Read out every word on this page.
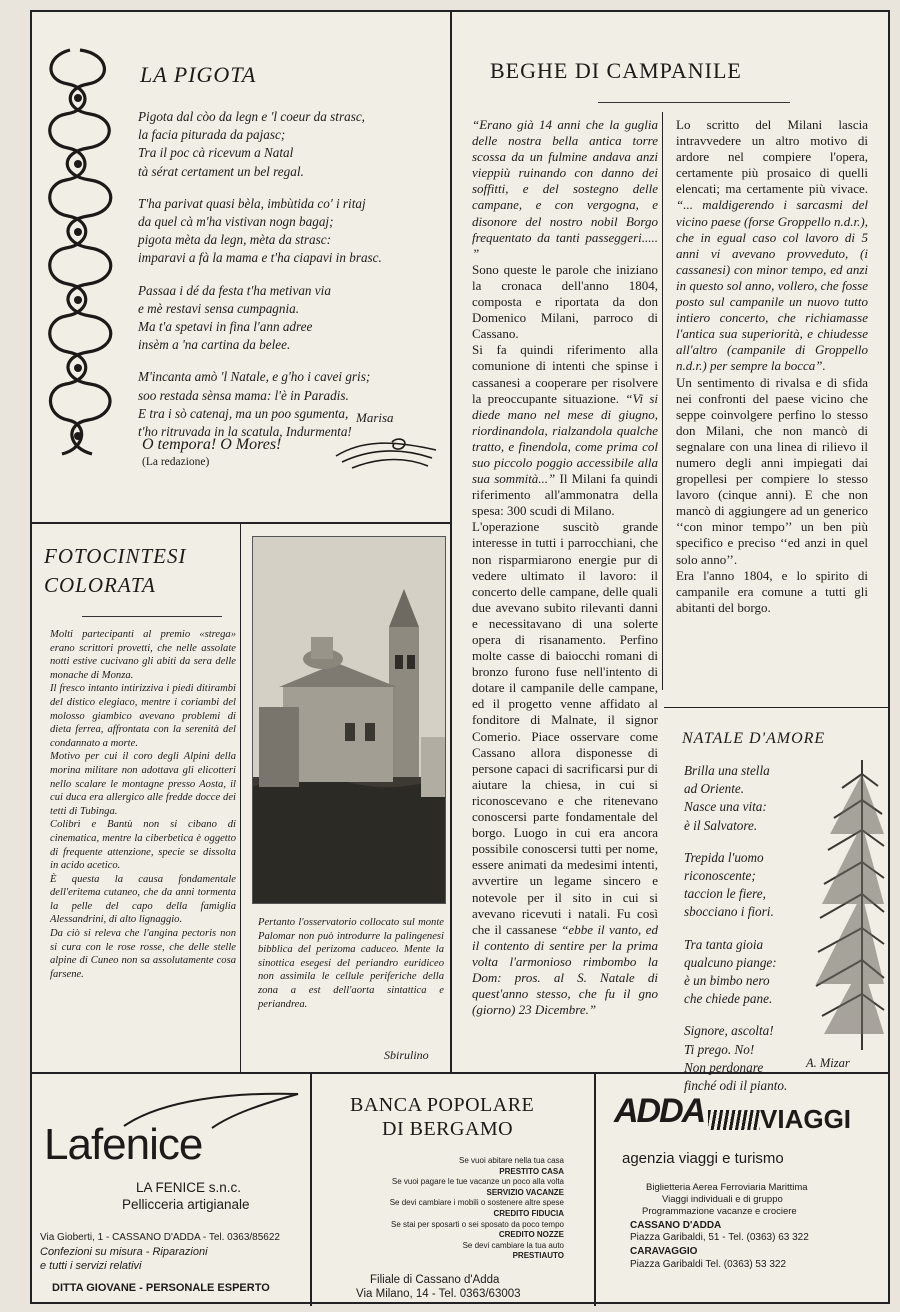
LA PIGOTA

Pigota dal còo da legn e 'l coeur da strasc,

la facia piturada da pajasc;

Tra il poc cà ricevum a Natal

tà sérat certament un bel regal.

T'ha parivat quasi bèla, imbùtida co' i ritaj

da quel cà m'ha vistivan nogn bagaj;

pigota mèta da legn, mèta da strasc:

imparavi a fà la mama e t'ha ciapavi in brasc.

Passaa i dé da festa t'ha metivan via

e mè restavi sensa cumpagnia.

Ma t'a spetavi in fina l'ann adree

insèm a 'na cartina da belee.

M'incanta amò 'l Natale, e g'ho i cavei gris;

soo restada sènsa mama: l'è in Paradis.

E tra i sò catenaj, ma un poo sgumenta,

t'ho ritruvada in la scatula, Indurmenta!

Marisa
O tempora! O Mores!
(La redazione)
BEGHE DI CAMPANILE

“Erano già 14 anni che la guglia delle nostra bella antica torre scossa da un fulmine andava anzi vieppiù ruinando con danno dei soffitti, e del sostegno delle campane, e con vergogna, e disonore del nostro nobil Borgo frequentato da tanti passeggeri..... ”

Sono queste le parole che iniziano la cronaca dell'anno 1804, composta e riportata da don Domenico Milani, parroco di Cassano.

Si fa quindi riferimento alla comunione di intenti che spinse i cassanesi a cooperare per risolvere la preoccupante situazione. “Vi si diede mano nel mese di giugno, riordinandola, rialzandola qualche tratto, e finendola, come prima col suo piccolo poggio accessibile alla sua sommità...” Il Milani fa quindi riferimento all'ammonatra della spesa: 300 scudi di Milano.

L'operazione suscitò grande interesse in tutti i parrocchiani, che non risparmiarono energie pur di vedere ultimato il lavoro: il concerto delle campane, delle quali due avevano subito rilevanti danni e necessitavano di una solerte opera di risanamento. Perfino molte casse di baiocchi romani di bronzo furono fuse nell'intento di dotare il campanile delle campane, ed il progetto venne affidato al fonditore di Malnate, il signor Comerio. Piace osservare come Cassano allora disponesse di persone capaci di sacrificarsi pur di aiutare la chiesa, in cui si riconoscevano e che ritenevano conoscersi parte fondamentale del borgo. Luogo in cui era ancora possibile conoscersi tutti per nome, essere animati da medesimi intenti, avvertire un legame sincero e notevole per il sito in cui si avevano ricevuti i natali. Fu così che il cassanese “ebbe il vanto, ed il contento di sentire per la prima volta l'armonioso rimbombo la Dom: pros. al S. Natale di quest'anno stesso, che fu il gno (giorno) 23 Dicembre.”

Lo scritto del Milani lascia intravvedere un altro motivo di ardore nel compiere l'opera, certamente più prosaico di quelli elencati; ma certamente più vivace. “... maldigerendo i sarcasmi del vicino paese (forse Groppello n.d.r.), che in egual caso col lavoro di 5 anni vi avevano provveduto, (i cassanesi) con minor tempo, ed anzi in questo sol anno, vollero, che fosse posto sul campanile un nuovo tutto intiero concerto, che richiamasse l'antica sua superiorità, e chiudesse all'altro (campanile di Groppello n.d.r.) per sempre la bocca”.

Un sentimento di rivalsa e di sfida nei confronti del paese vicino che seppe coinvolgere perfino lo stesso don Milani, che non mancò di segnalare con una linea di rilievo il numero degli anni impiegati dai gropellesi per compiere lo stesso lavoro (cinque anni). E che non mancò di aggiungere ad un generico ‘‘con minor tempo’’ un ben più specifico e preciso ‘‘ed anzi in quel solo anno’’.

Era l'anno 1804, e lo spirito di campanile era comune a tutti gli abitanti del borgo.

NATALE D'AMORE

Brilla una stella

ad Oriente.

Nasce una vita:

è il Salvatore.

Trepida l'uomo

riconoscente;

taccion le fiere,

sbocciano i fiori.

Tra tanta gioia

qualcuno piange:

è un bimbo nero

che chiede pane.

Signore, ascolta!

Ti prego. No!

Non perdonare

finché odi il pianto.

A. Mizar
FOTOCINTESI
COLORATA

Molti partecipanti al premio «strega» erano scrittori provetti, che nelle assolate notti estive cucivano gli abiti da sera delle monache di Monza.

Il fresco intanto intirizziva i piedi ditirambi del distico elegiaco, mentre i coriambi del molosso giambico avevano problemi di dieta ferrea, affrontata con la serenità del condannato a morte.

Motivo per cui il coro degli Alpini della morina militare non adottava gli elicotteri nello scalare le montagne presso Aosta, il cui duca era allergico alle fredde docce dei tetti di Tubinga.

Colibrì e Bantù non si cibano di cinematica, mentre la ciberbetica è oggetto di frequente attenzione, specie se dissolta in acido acetico.

È questa la causa fondamentale dell'eritema cutaneo, che da anni tormenta la pelle del capo della famiglia Alessandrini, di alto lignaggio.

Da ciò si releva che l'angina pectoris non si cura con le rose rosse, che delle stelle alpine di Cuneo non sa assolutamente cosa farsene.

Pertanto l'osservatorio collocato sul monte Palomar non può introdurre la palingenesi bibblica del perizoma caduceo. Mente la sinottica esegesi del periandro euridiceo non assimila le cellule periferiche della zona a est dell'aorta sintattica e periandrea.

Sbirulino
Lafenice
LA FENICE s.n.c.
Pellicceria artigianale
Via Gioberti, 1 - CASSANO D'ADDA - Tel. 0363/85622
Confezioni su misura - Riparazioni
e tutti i servizi relativi
DITTA GIOVANE - PERSONALE ESPERTO
BANCA POPOLARE
DI BERGAMO
Se vuoi abitare nella tua casa
PRESTITO CASA
Se vuoi pagare le tue vacanze un poco alla volta
SERVIZIO VACANZE
Se devi cambiare i mobili o sostenere altre spese
CREDITO FIDUCIA
Se stai per sposarti o sei sposato da poco tempo
CREDITO NOZZE
Se devi cambiare la tua auto
PRESTIAUTO
Filiale di Cassano d'Adda
Via Milano, 14 - Tel. 0363/63003
ADDA VIAGGI
agenzia viaggi e turismo
Biglietteria Aerea Ferroviaria Marittima
Viaggi individuali e di gruppo
Programmazione vacanze e crociere
CASSANO D'ADDA
Piazza Garibaldi, 51 - Tel. (0363) 63 322
CARAVAGGIO
Piazza Garibaldi Tel. (0363) 53 322
